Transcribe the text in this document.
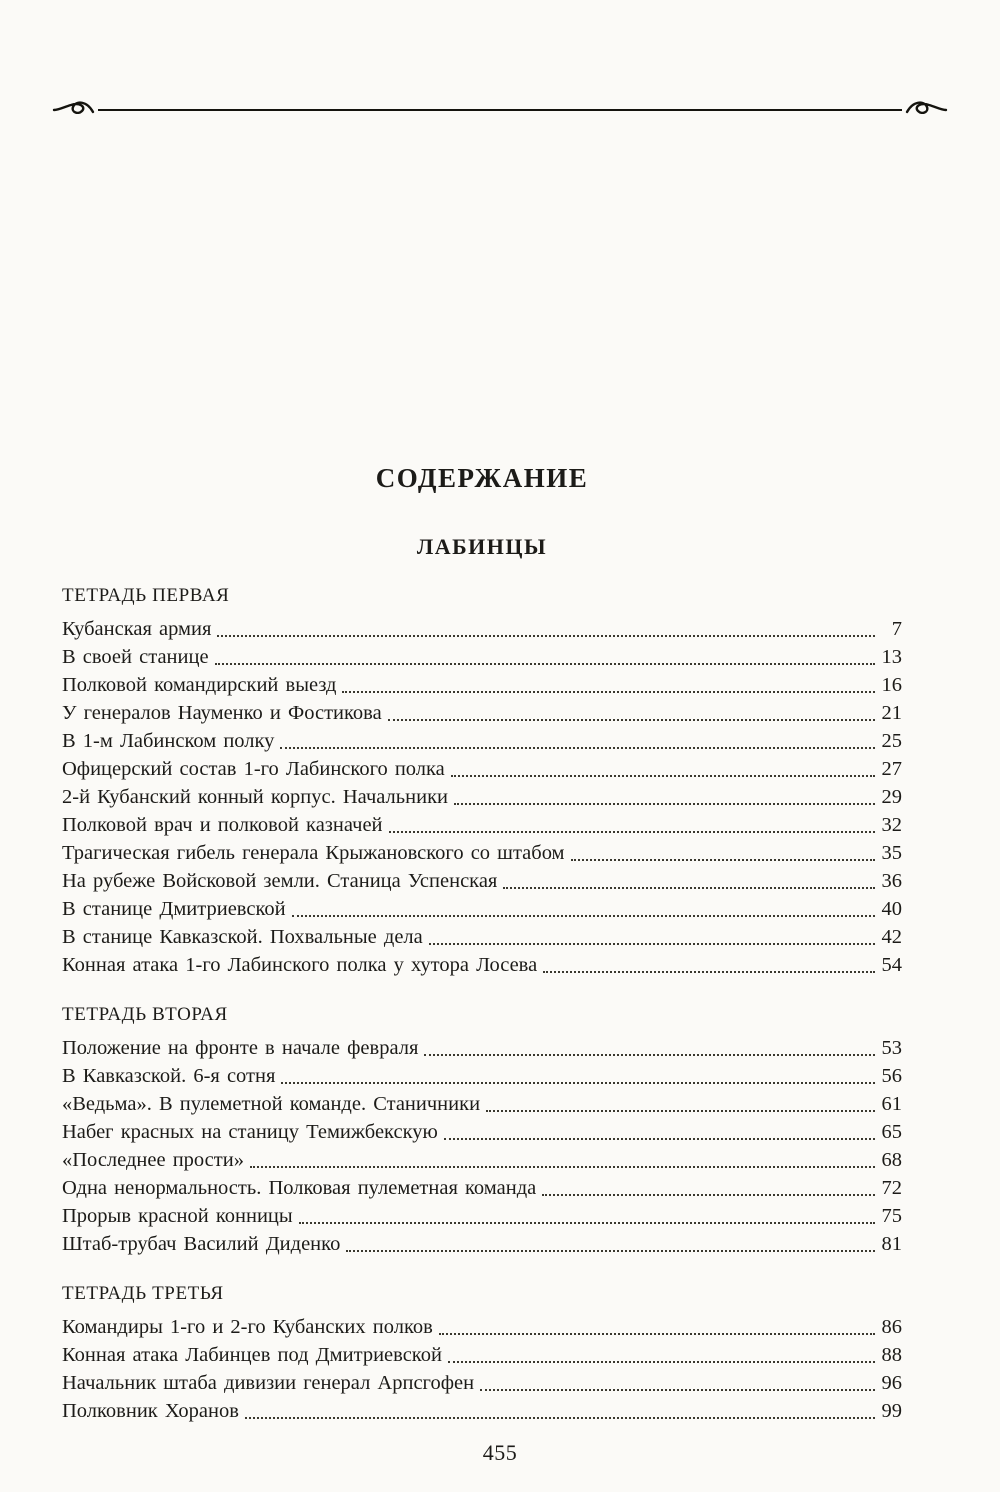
СОДЕРЖАНИЕ
ЛАБИНЦЫ
ТЕТРАДЬ ПЕРВАЯ
Кубанская армия	7
В своей станице	13
Полковой командирский выезд	16
У генералов Науменко и Фостикова	21
В 1-м Лабинском полку	25
Офицерский состав 1-го Лабинского полка	27
2-й Кубанский конный корпус. Начальники	29
Полковой врач и полковой казначей	32
Трагическая гибель генерала Крыжановского со штабом	35
На рубеже Войсковой земли. Станица Успенская	36
В станице Дмитриевской	40
В станице Кавказской. Похвальные дела	42
Конная атака 1-го Лабинского полка у хутора Лосева	54
ТЕТРАДЬ ВТОРАЯ
Положение на фронте в начале февраля	53
В Кавказской. 6-я сотня	56
«Ведьма». В пулеметной команде. Станичники	61
Набег красных на станицу Темижбекскую	65
«Последнее прости»	68
Одна ненормальность. Полковая пулеметная команда	72
Прорыв красной конницы	75
Штаб-трубач Василий Диденко	81
ТЕТРАДЬ ТРЕТЬЯ
Командиры 1-го и 2-го Кубанских полков	86
Конная атака Лабинцев под Дмитриевской	88
Начальник штаба дивизии генерал Арпсгофен	96
Полковник Хоранов	99
455
